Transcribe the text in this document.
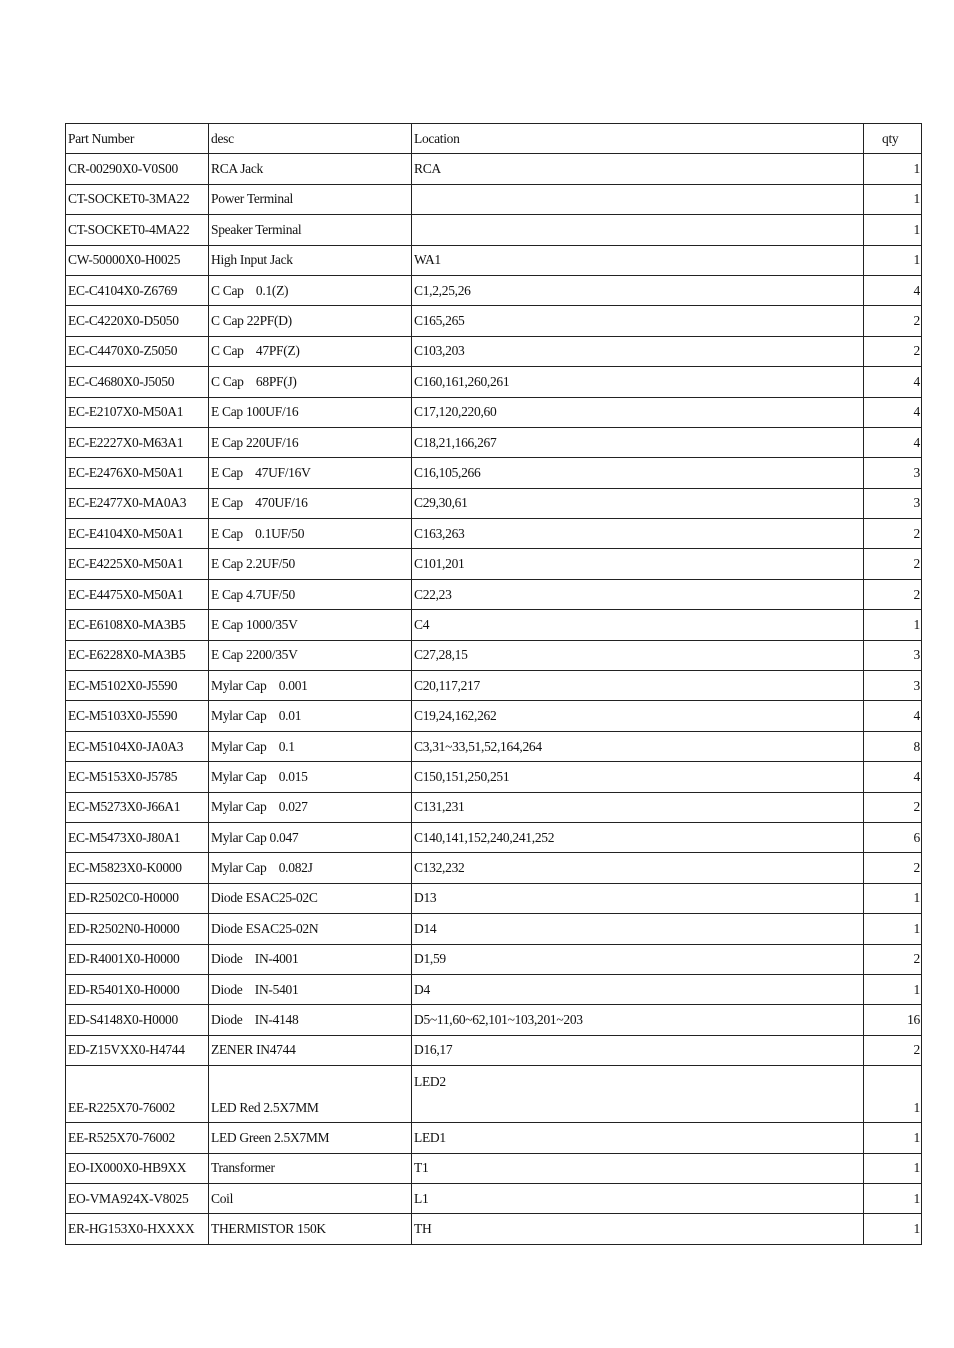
Part Number	desc	Location	qty
CR-00290X0-V0S00	RCA Jack	RCA	1
CT-SOCKET0-3MA22	Power Terminal		1
CT-SOCKET0-4MA22	Speaker Terminal		1
CW-50000X0-H0025	High Input Jack	WA1	1
EC-C4104X0-Z6769	C Cap    0.1(Z)	C1,2,25,26	4
EC-C4220X0-D5050	C Cap 22PF(D)	C165,265	2
EC-C4470X0-Z5050	C Cap    47PF(Z)	C103,203	2
EC-C4680X0-J5050	C Cap    68PF(J)	C160,161,260,261	4
EC-E2107X0-M50A1	E Cap 100UF/16	C17,120,220,60	4
EC-E2227X0-M63A1	E Cap 220UF/16	C18,21,166,267	4
EC-E2476X0-M50A1	E Cap    47UF/16V	C16,105,266	3
EC-E2477X0-MA0A3	E Cap    470UF/16	C29,30,61	3
EC-E4104X0-M50A1	E Cap    0.1UF/50	C163,263	2
EC-E4225X0-M50A1	E Cap 2.2UF/50	C101,201	2
EC-E4475X0-M50A1	E Cap 4.7UF/50	C22,23	2
EC-E6108X0-MA3B5	E Cap 1000/35V	C4	1
EC-E6228X0-MA3B5	E Cap 2200/35V	C27,28,15	3
EC-M5102X0-J5590	Mylar Cap    0.001	C20,117,217	3
EC-M5103X0-J5590	Mylar Cap    0.01	C19,24,162,262	4
EC-M5104X0-JA0A3	Mylar Cap    0.1	C3,31~33,51,52,164,264	8
EC-M5153X0-J5785	Mylar Cap    0.015	C150,151,250,251	4
EC-M5273X0-J66A1	Mylar Cap    0.027	C131,231	2
EC-M5473X0-J80A1	Mylar Cap 0.047	C140,141,152,240,241,252	6
EC-M5823X0-K0000	Mylar Cap    0.082J	C132,232	2
ED-R2502C0-H0000	Diode ESAC25-02C	D13	1
ED-R2502N0-H0000	Diode ESAC25-02N	D14	1
ED-R4001X0-H0000	Diode    IN-4001	D1,59	2
ED-R5401X0-H0000	Diode    IN-5401	D4	1
ED-S4148X0-H0000	Diode    IN-4148	D5~11,60~62,101~103,201~203	16
ED-Z15VXX0-H4744	ZENER IN4744	D16,17	2
EE-R225X70-76002	LED Red 2.5X7MM	LED2	1
EE-R525X70-76002	LED Green 2.5X7MM	LED1	1
EO-IX000X0-HB9XX	Transformer	T1	1
EO-VMA924X-V8025	Coil	L1	1
ER-HG153X0-HXXXX	THERMISTOR 150K	TH	1
